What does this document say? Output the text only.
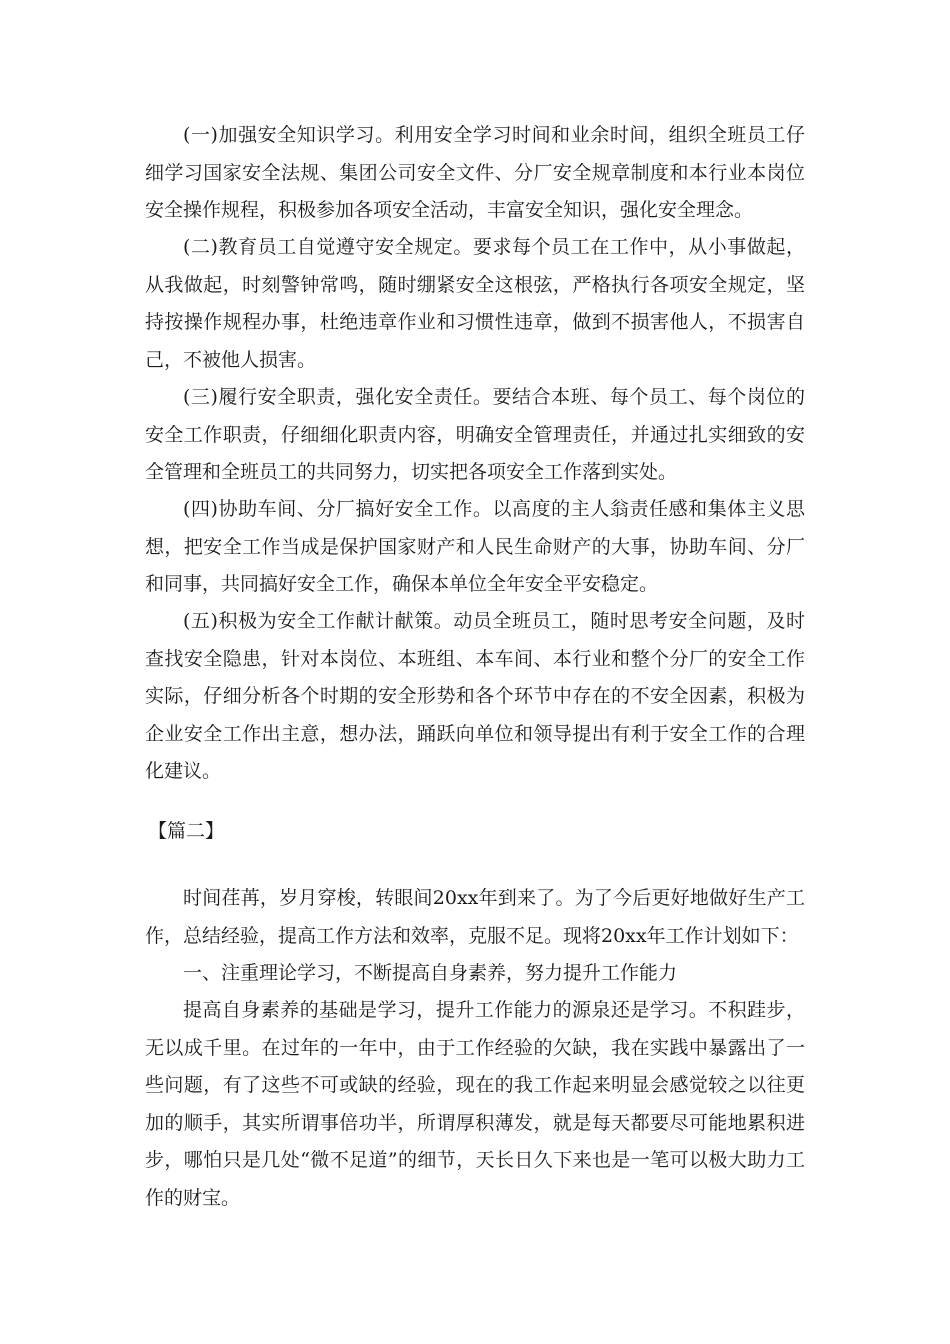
(一)加强安全知识学习。利用安全学习时间和业余时间，组织全班员工仔细学习国家安全法规、集团公司安全文件、分厂安全规章制度和本行业本岗位安全操作规程，积极参加各项安全活动，丰富安全知识，强化安全理念。

(二)教育员工自觉遵守安全规定。要求每个员工在工作中，从小事做起，从我做起，时刻警钟常鸣，随时绷紧安全这根弦，严格执行各项安全规定，坚持按操作规程办事，杜绝违章作业和习惯性违章，做到不损害他人，不损害自己，不被他人损害。

(三)履行安全职责，强化安全责任。要结合本班、每个员工、每个岗位的安全工作职责，仔细细化职责内容，明确安全管理责任，并通过扎实细致的安全管理和全班员工的共同努力，切实把各项安全工作落到实处。

(四)协助车间、分厂搞好安全工作。以高度的主人翁责任感和集体主义思想，把安全工作当成是保护国家财产和人民生命财产的大事，协助车间、分厂和同事，共同搞好安全工作，确保本单位全年安全平安稳定。

(五)积极为安全工作献计献策。动员全班员工，随时思考安全问题，及时查找安全隐患，针对本岗位、本班组、本车间、本行业和整个分厂的安全工作实际，仔细分析各个时期的安全形势和各个环节中存在的不安全因素，积极为企业安全工作出主意，想办法，踊跃向单位和领导提出有利于安全工作的合理化建议。

【篇二】

时间荏苒，岁月穿梭，转眼间20xx年到来了。为了今后更好地做好生产工作，总结经验，提高工作方法和效率，克服不足。现将20xx年工作计划如下：

一、注重理论学习，不断提高自身素养，努力提升工作能力

提高自身素养的基础是学习，提升工作能力的源泉还是学习。不积跬步，无以成千里。在过年的一年中，由于工作经验的欠缺，我在实践中暴露出了一些问题，有了这些不可或缺的经验，现在的我工作起来明显会感觉较之以往更加的顺手，其实所谓事倍功半，所谓厚积薄发，就是每天都要尽可能地累积进步，哪怕只是几处“微不足道”的细节，天长日久下来也是一笔可以极大助力工作的财宝。
